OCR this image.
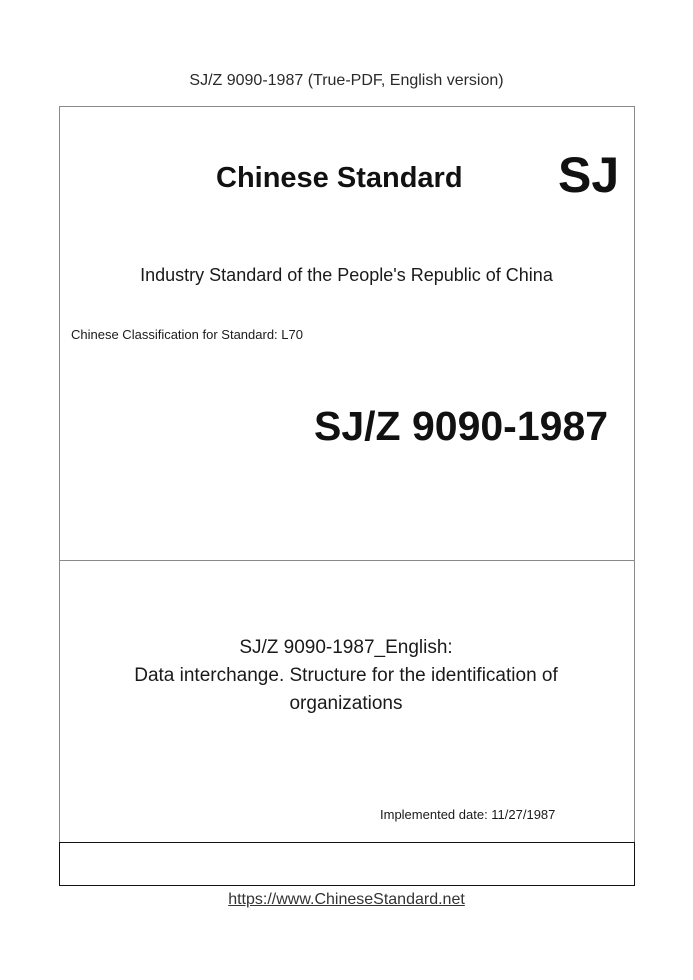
SJ/Z 9090-1987 (True-PDF, English version)
Chinese Standard SJ
Industry Standard of the People's Republic of China
Chinese Classification for Standard: L70
SJ/Z 9090-1987
SJ/Z 9090-1987_English:
Data interchange. Structure for the identification of
organizations
Implemented date: 11/27/1987
https://www.ChineseStandard.net
